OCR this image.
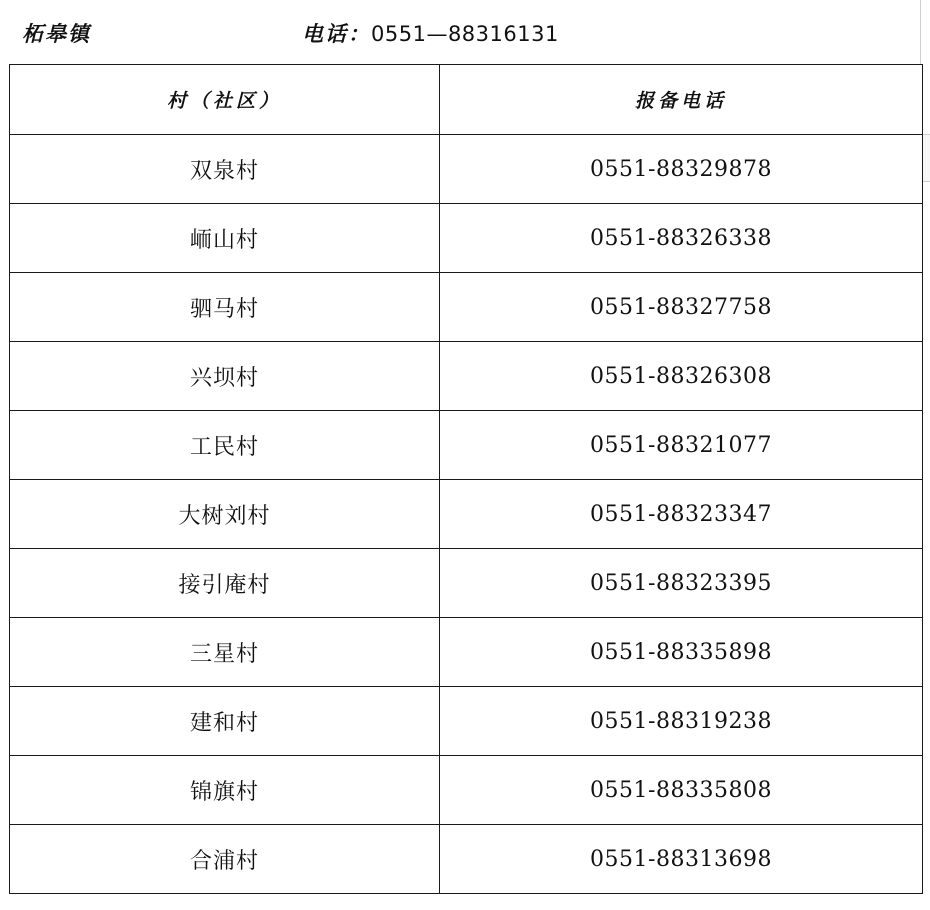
柘皋镇	电话：0551—88316131
村（社区）	报备电话
双泉村	0551-88329878
峏山村	0551-88326338
驷马村	0551-88327758
兴坝村	0551-88326308
工民村	0551-88321077
大树刘村	0551-88323347
接引庵村	0551-88323395
三星村	0551-88335898
建和村	0551-88319238
锦旗村	0551-88335808
合浦村	0551-88313698
